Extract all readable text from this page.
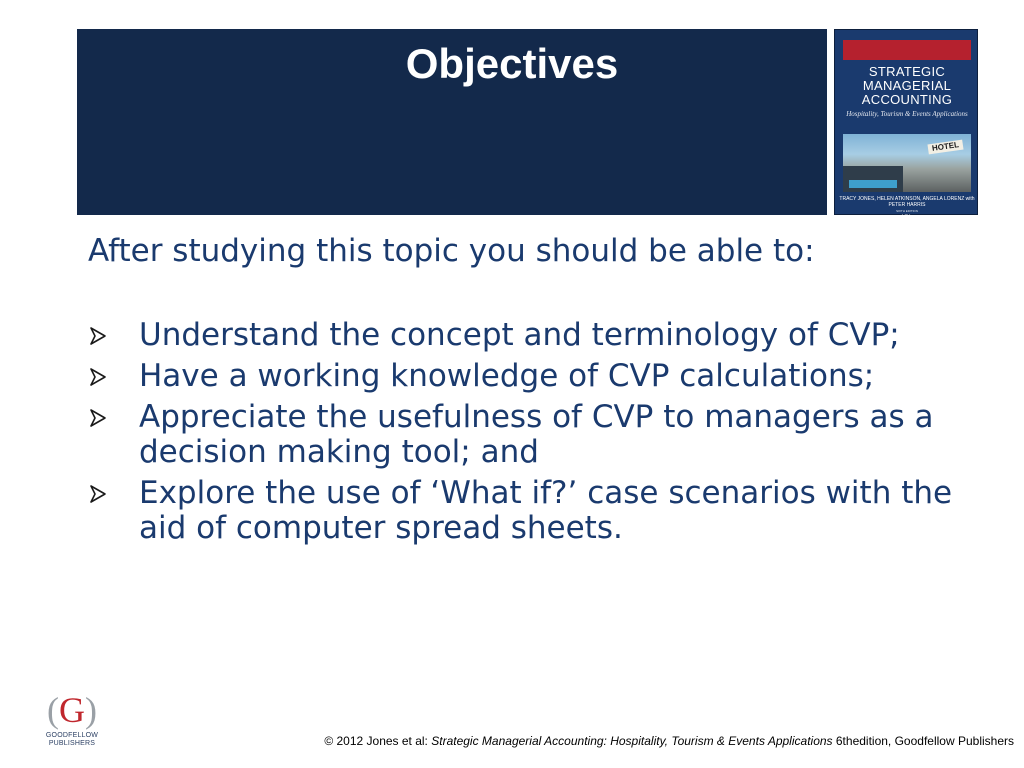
Objectives	STRATEGIC MANAGERIAL ACCOUNTING
Hospitality, Tourism & Events Applications
HOTEL
TRACY JONES, HELEN ATKINSON, ANGELA LORENZ with PETER HARRIS
SIXTH EDITION
(G)

After studying this topic you should be able to:

Understand the concept and terminology of CVP;
Have a working knowledge of CVP calculations;
Appreciate the usefulness of CVP to managers as a decision making tool; and
Explore the use of ‘What if?’ case scenarios with the aid of computer spread sheets.
(G)
GOODFELLOW
PUBLISHERS	© 2012 Jones et al: Strategic Managerial Accounting: Hospitality, Tourism & Events Applications 6thedition, Goodfellow Publishers
